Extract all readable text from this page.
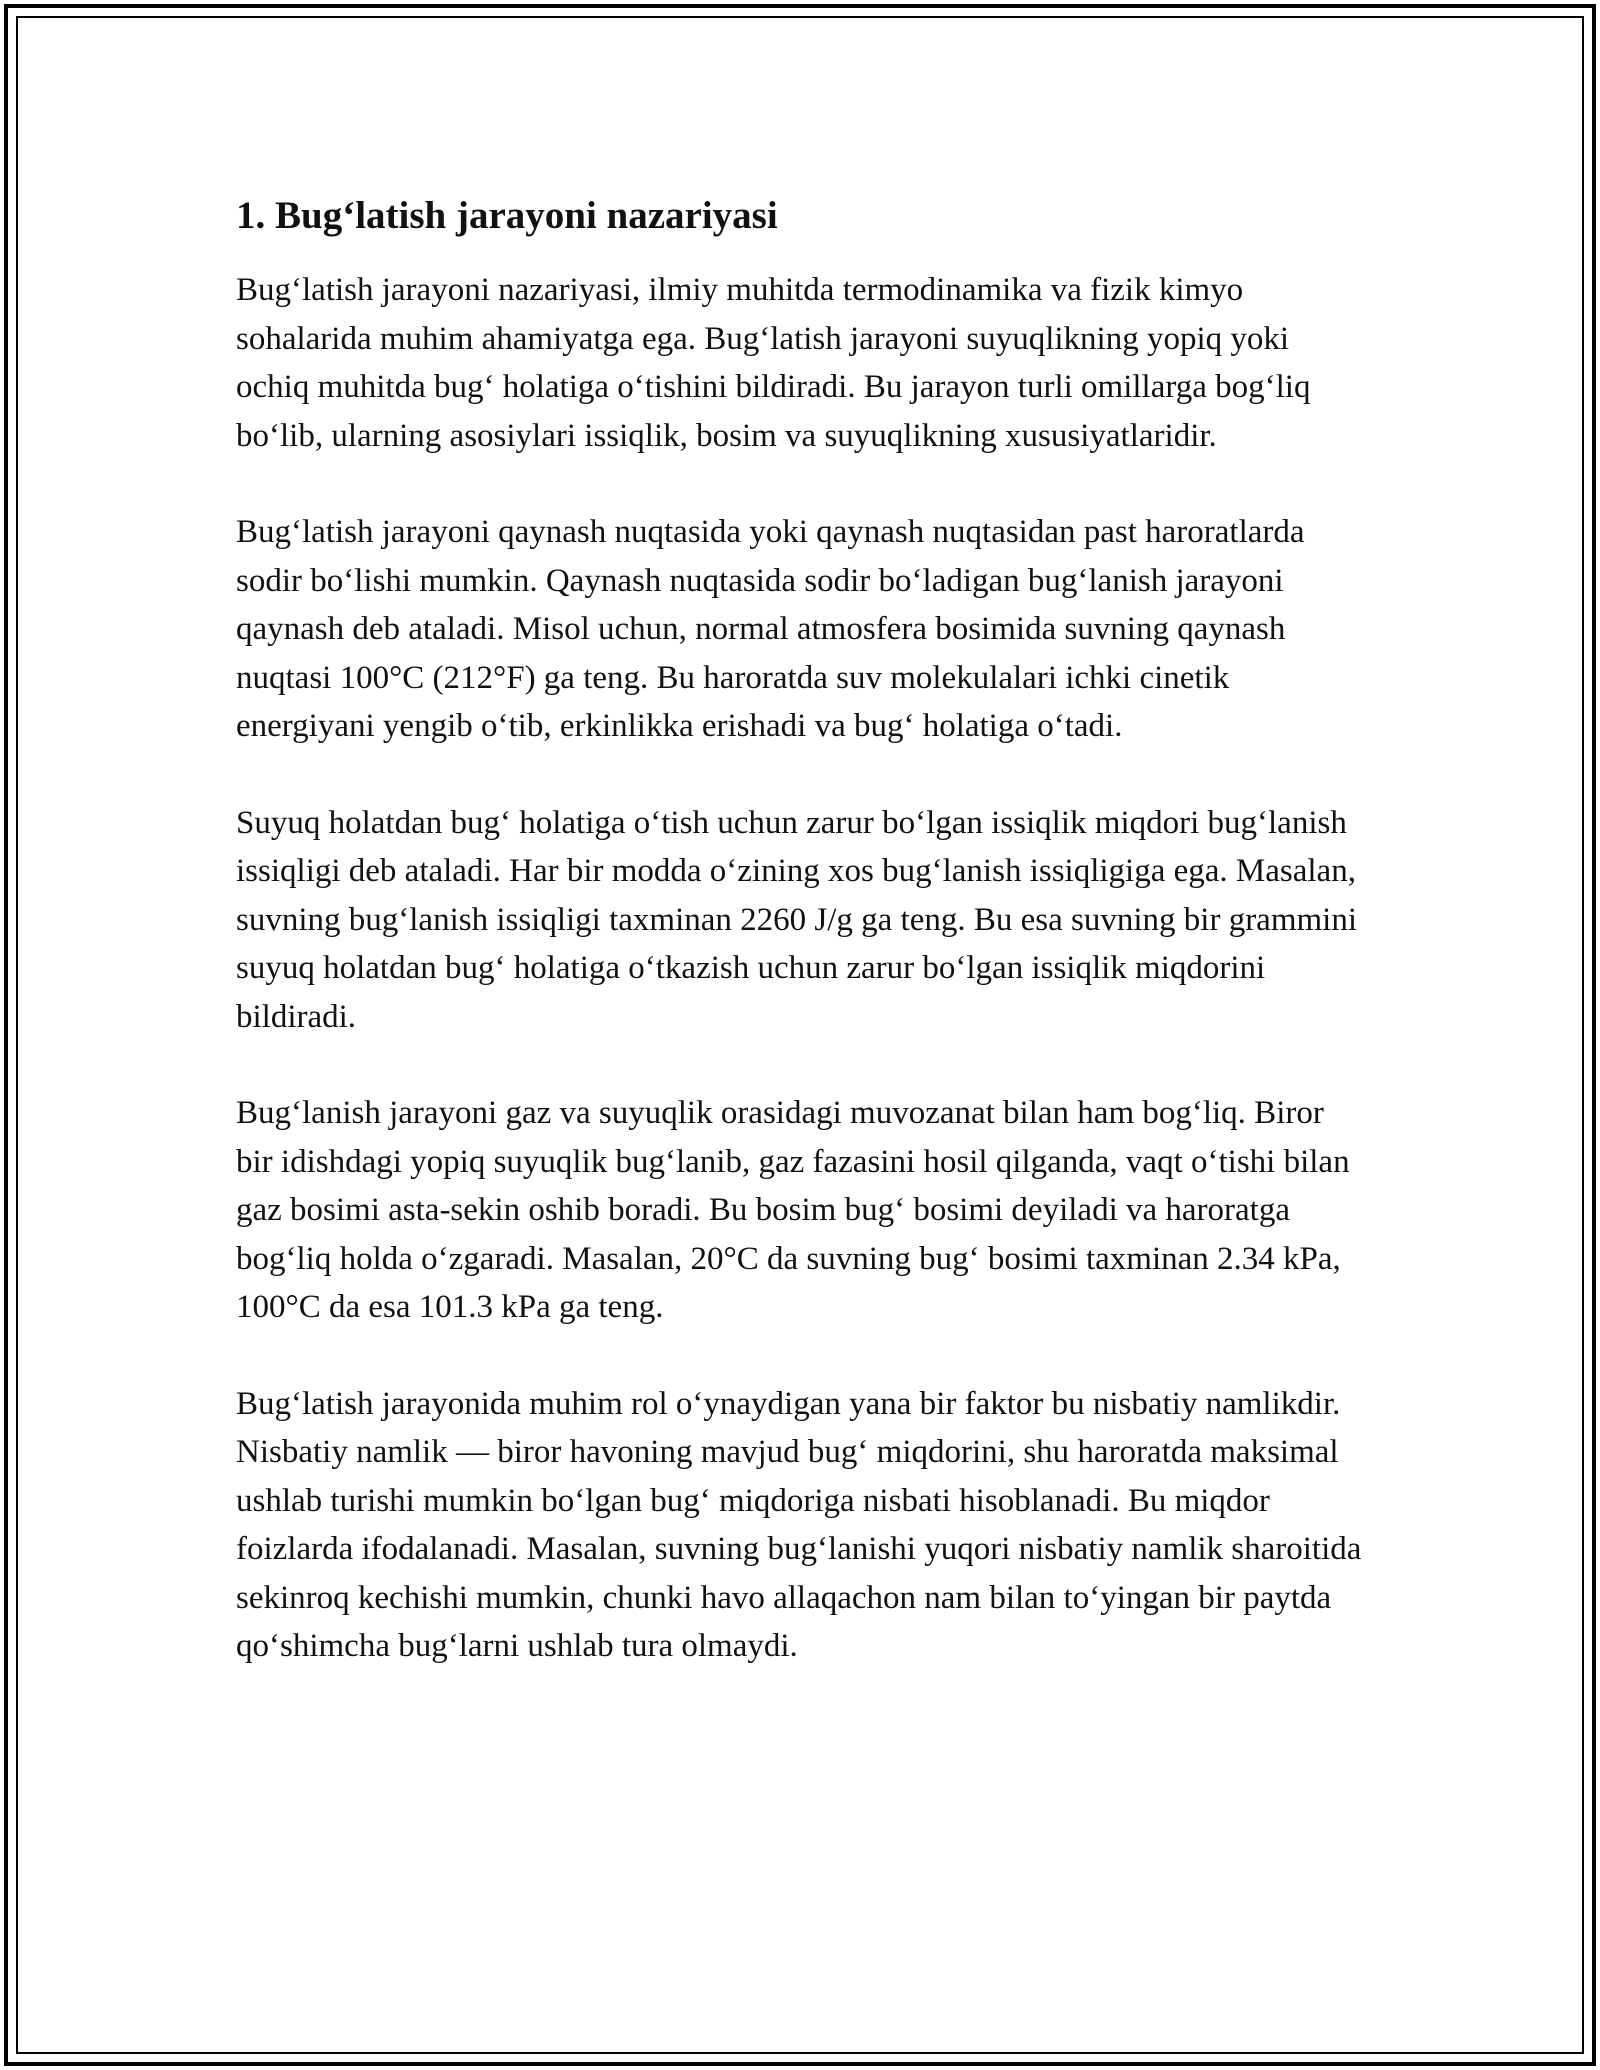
1. Bug‘latish jarayoni nazariyasi

Bug‘latish jarayoni nazariyasi, ilmiy muhitda termodinamika va fizik kimyo sohalarida muhim ahamiyatga ega. Bug‘latish jarayoni suyuqlikning yopiq yoki ochiq muhitda bug‘ holatiga o‘tishini bildiradi. Bu jarayon turli omillarga bog‘liq bo‘lib, ularning asosiylari issiqlik, bosim va suyuqlikning xususiyatlaridir.

Bug‘latish jarayoni qaynash nuqtasida yoki qaynash nuqtasidan past haroratlarda sodir bo‘lishi mumkin. Qaynash nuqtasida sodir bo‘ladigan bug‘lanish jarayoni qaynash deb ataladi. Misol uchun, normal atmosfera bosimida suvning qaynash nuqtasi 100°C (212°F) ga teng. Bu haroratda suv molekulalari ichki cinetik energiyani yengib o‘tib, erkinlikka erishadi va bug‘ holatiga o‘tadi.

Suyuq holatdan bug‘ holatiga o‘tish uchun zarur bo‘lgan issiqlik miqdori bug‘lanish issiqligi deb ataladi. Har bir modda o‘zining xos bug‘lanish issiqligiga ega. Masalan, suvning bug‘lanish issiqligi taxminan 2260 J/g ga teng. Bu esa suvning bir grammini suyuq holatdan bug‘ holatiga o‘tkazish uchun zarur bo‘lgan issiqlik miqdorini bildiradi.

Bug‘lanish jarayoni gaz va suyuqlik orasidagi muvozanat bilan ham bog‘liq. Biror bir idishdagi yopiq suyuqlik bug‘lanib, gaz fazasini hosil qilganda, vaqt o‘tishi bilan gaz bosimi asta-sekin oshib boradi. Bu bosim bug‘ bosimi deyiladi va haroratga bog‘liq holda o‘zgaradi. Masalan, 20°C da suvning bug‘ bosimi taxminan 2.34 kPa, 100°C da esa 101.3 kPa ga teng.

Bug‘latish jarayonida muhim rol o‘ynaydigan yana bir faktor bu nisbatiy namlikdir. Nisbatiy namlik — biror havoning mavjud bug‘ miqdorini, shu haroratda maksimal ushlab turishi mumkin bo‘lgan bug‘ miqdoriga nisbati hisoblanadi. Bu miqdor foizlarda ifodalanadi. Masalan, suvning bug‘lanishi yuqori nisbatiy namlik sharoitida sekinroq kechishi mumkin, chunki havo allaqachon nam bilan to‘yingan bir paytda qo‘shimcha bug‘larni ushlab tura olmaydi.
